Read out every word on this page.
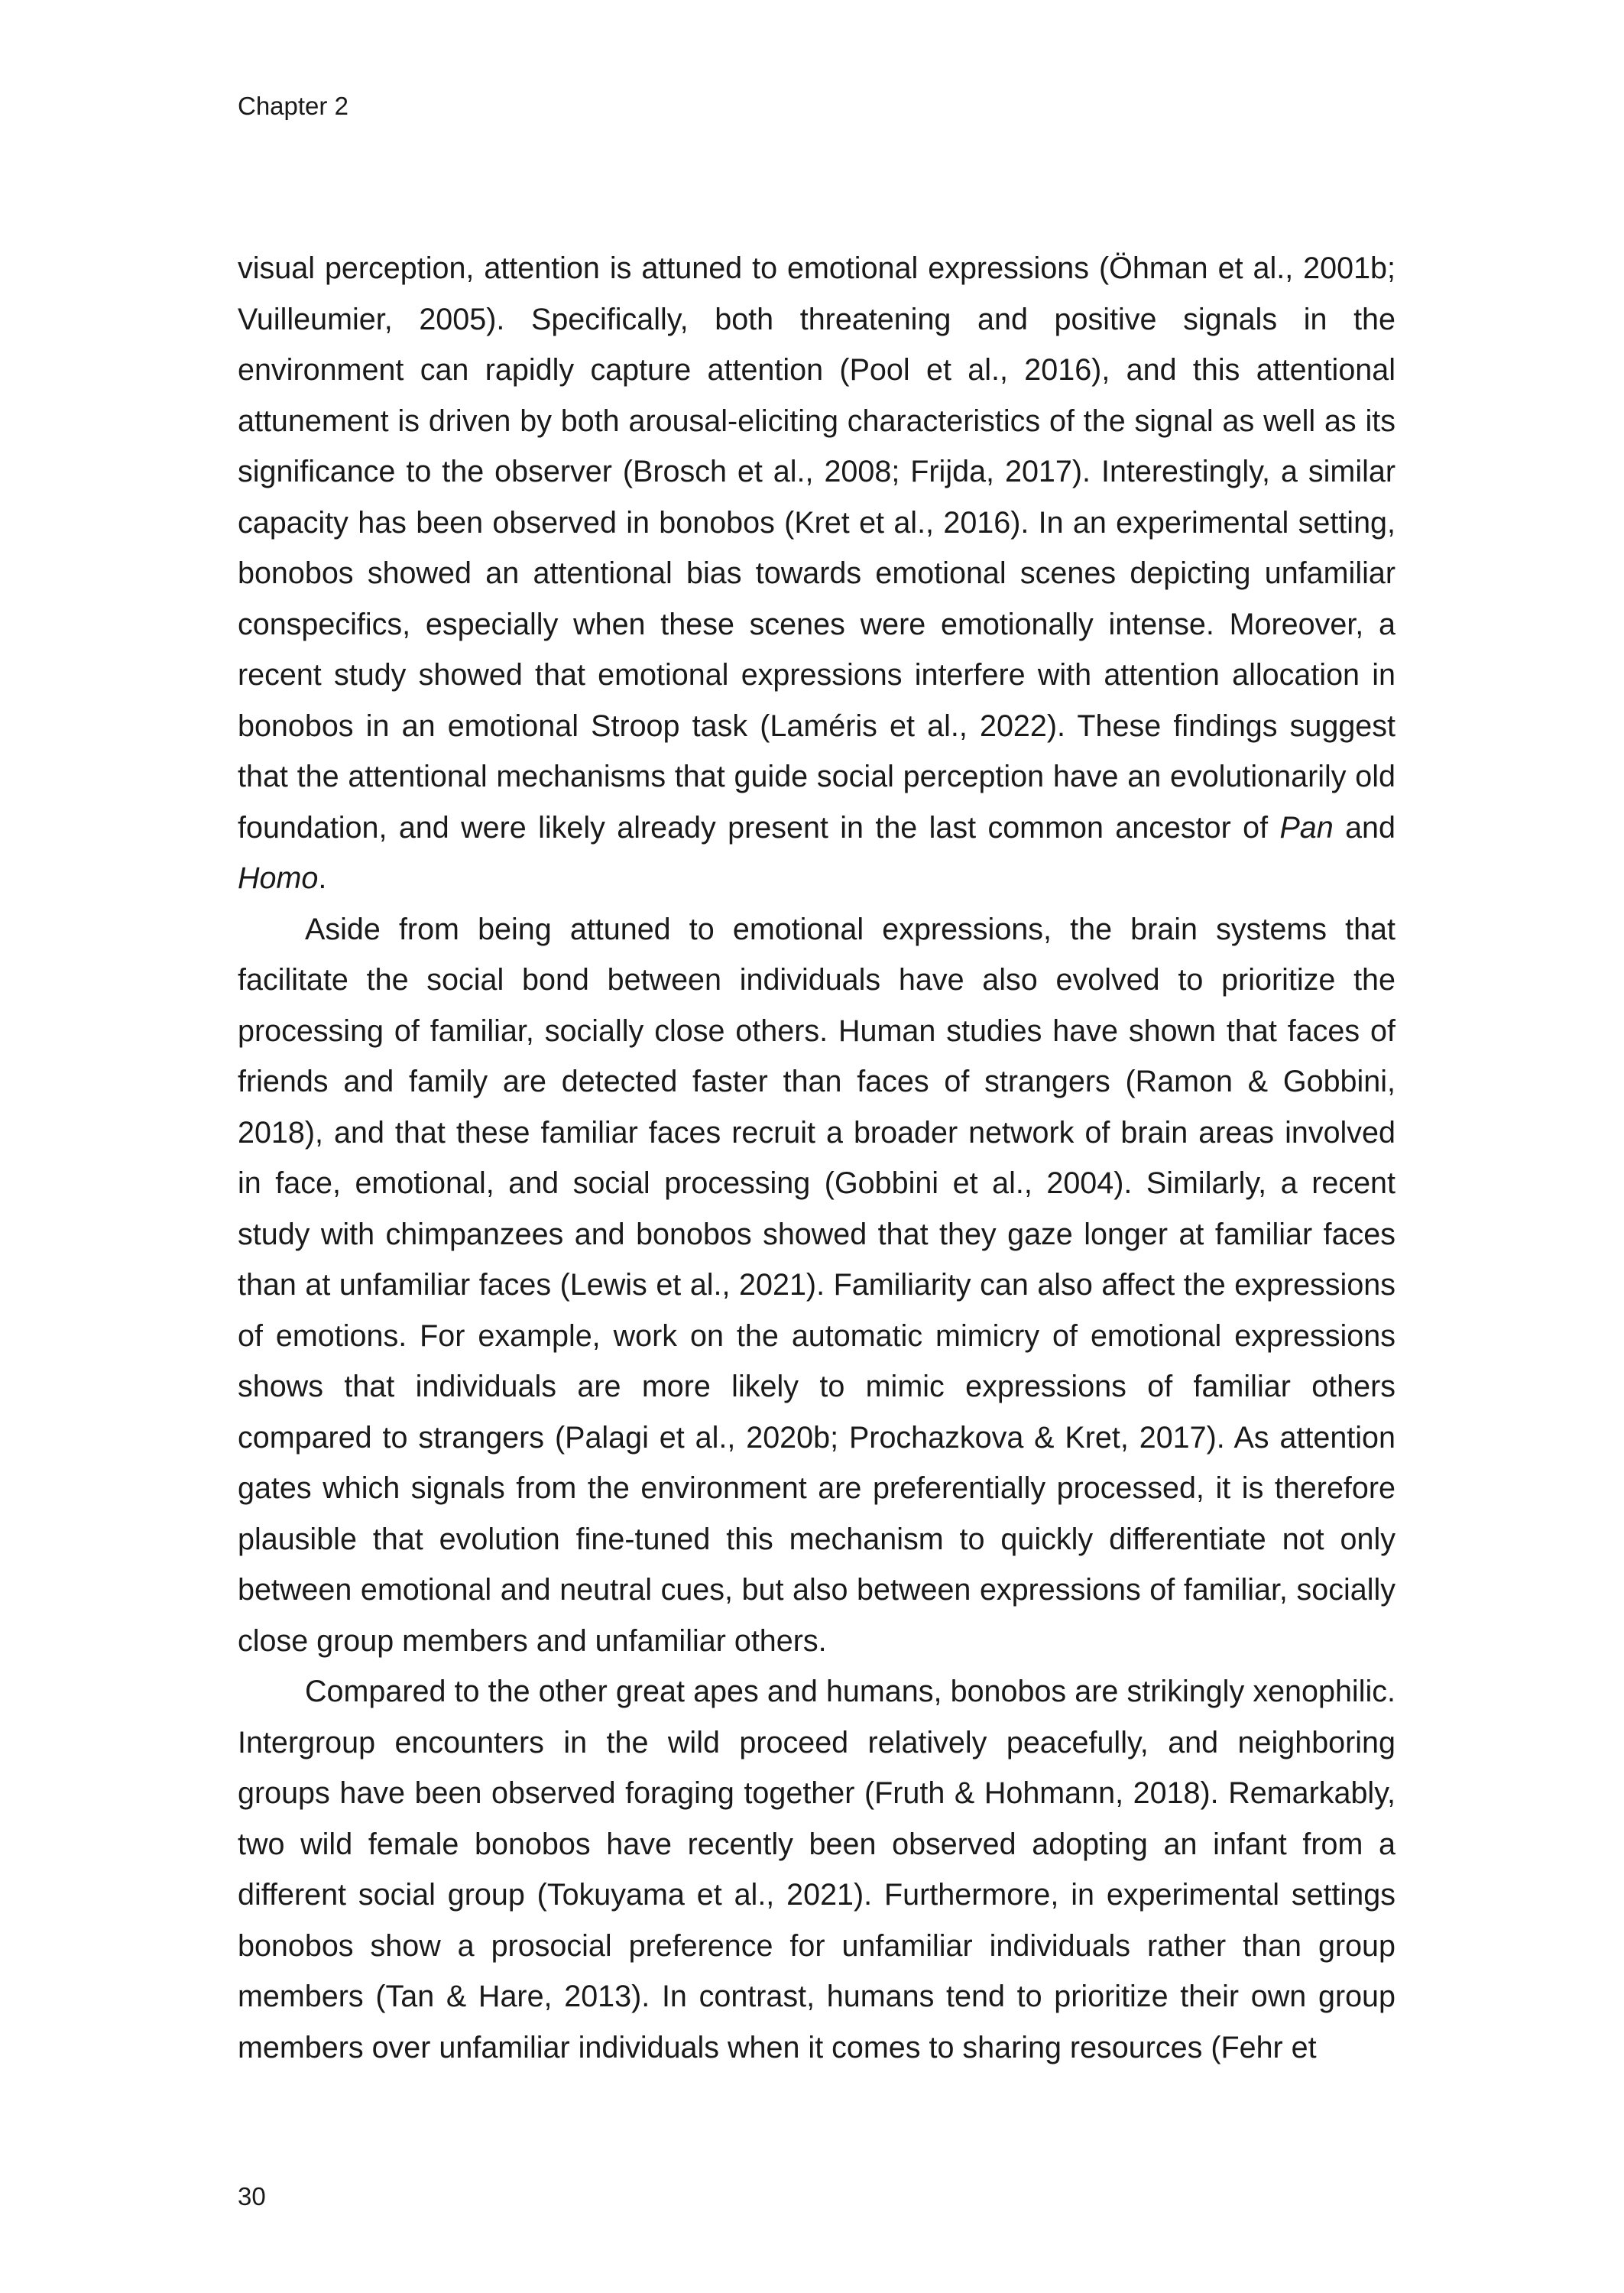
Chapter 2

visual perception, attention is attuned to emotional expressions (Öhman et al., 2001b; Vuilleumier, 2005). Specifically, both threatening and positive signals in the environment can rapidly capture attention (Pool et al., 2016), and this attentional attunement is driven by both arousal-eliciting characteristics of the signal as well as its significance to the observer (Brosch et al., 2008; Frijda, 2017). Interestingly, a similar capacity has been observed in bonobos (Kret et al., 2016). In an experimental setting, bonobos showed an attentional bias towards emotional scenes depicting unfamiliar conspecifics, especially when these scenes were emotionally intense. Moreover, a recent study showed that emotional expressions interfere with attention allocation in bonobos in an emotional Stroop task (Laméris et al., 2022). These findings suggest that the attentional mechanisms that guide social perception have an evolutionarily old foundation, and were likely already present in the last common ancestor of Pan and Homo.

Aside from being attuned to emotional expressions, the brain systems that facilitate the social bond between individuals have also evolved to prioritize the processing of familiar, socially close others. Human studies have shown that faces of friends and family are detected faster than faces of strangers (Ramon & Gobbini, 2018), and that these familiar faces recruit a broader network of brain areas involved in face, emotional, and social processing (Gobbini et al., 2004). Similarly, a recent study with chimpanzees and bonobos showed that they gaze longer at familiar faces than at unfamiliar faces (Lewis et al., 2021). Familiarity can also affect the expressions of emotions. For example, work on the automatic mimicry of emotional expressions shows that individuals are more likely to mimic expressions of familiar others compared to strangers (Palagi et al., 2020b; Prochazkova & Kret, 2017). As attention gates which signals from the environment are preferentially processed, it is therefore plausible that evolution fine-tuned this mechanism to quickly differentiate not only between emotional and neutral cues, but also between expressions of familiar, socially close group members and unfamiliar others.

Compared to the other great apes and humans, bonobos are strikingly xenophilic. Intergroup encounters in the wild proceed relatively peacefully, and neighboring groups have been observed foraging together (Fruth & Hohmann, 2018). Remarkably, two wild female bonobos have recently been observed adopting an infant from a different social group (Tokuyama et al., 2021). Furthermore, in experimental settings bonobos show a prosocial preference for unfamiliar individuals rather than group members (Tan & Hare, 2013). In contrast, humans tend to prioritize their own group members over unfamiliar individuals when it comes to sharing resources (Fehr et

30
